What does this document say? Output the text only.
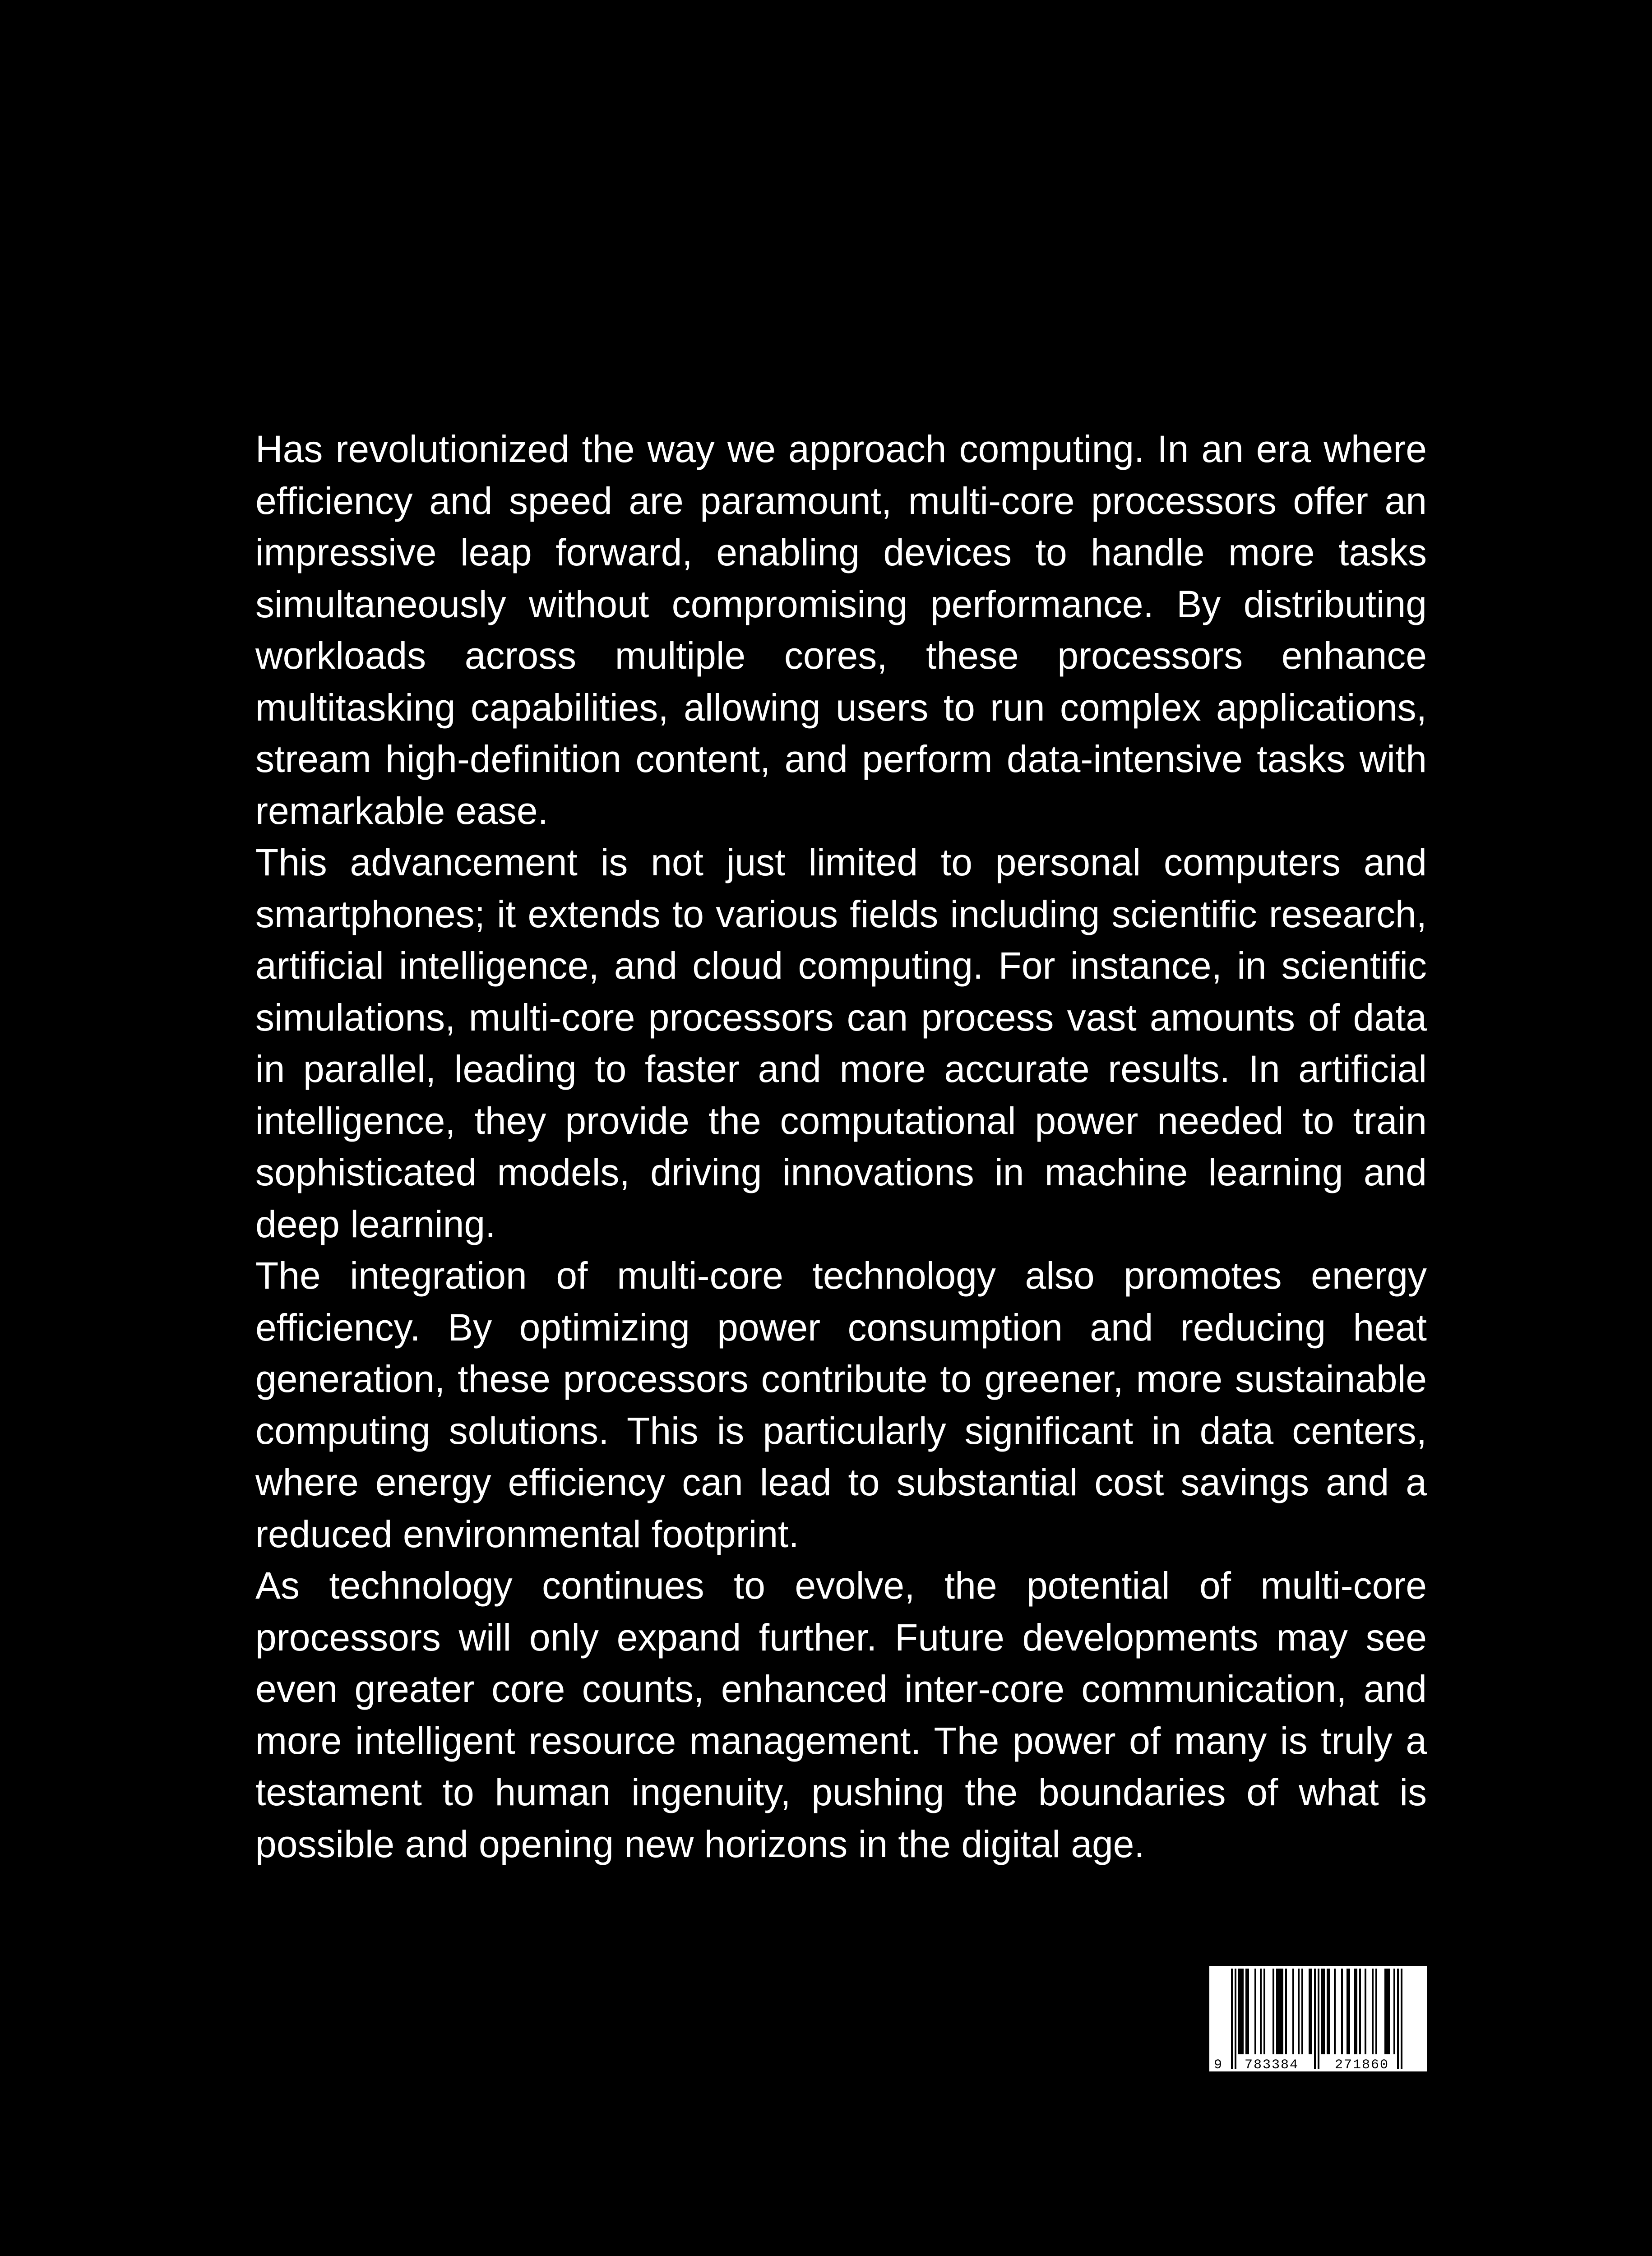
Has revolutionized the way we approach computing. In an era where efficiency and speed are paramount, multi-core processors offer an impressive leap forward, enabling devices to handle more tasks simultaneously without compromising performance. By distributing workloads across multiple cores, these processors enhance multitasking capabilities, allowing users to run complex applications, stream high-definition content, and perform data-intensive tasks with remarkable ease.

This advancement is not just limited to personal computers and smartphones; it extends to various fields including scientific research, artificial intelligence, and cloud computing. For instance, in scientific simulations, multi-core processors can process vast amounts of data in parallel, leading to faster and more accurate results. In artificial intelligence, they provide the computational power needed to train sophisticated models, driving innovations in machine learning and deep learning.

The integration of multi-core technology also promotes energy efficiency. By optimizing power consumption and reducing heat generation, these processors contribute to greener, more sustainable computing solutions. This is particularly significant in data centers, where energy efficiency can lead to substantial cost savings and a reduced environmental footprint.

As technology continues to evolve, the potential of multi-core processors will only expand further. Future developments may see even greater core counts, enhanced inter-core communication, and more intelligent resource management. The power of many is truly a testament to human ingenuity, pushing the boundaries of what is possible and opening new horizons in the digital age.

9 783384	271860
